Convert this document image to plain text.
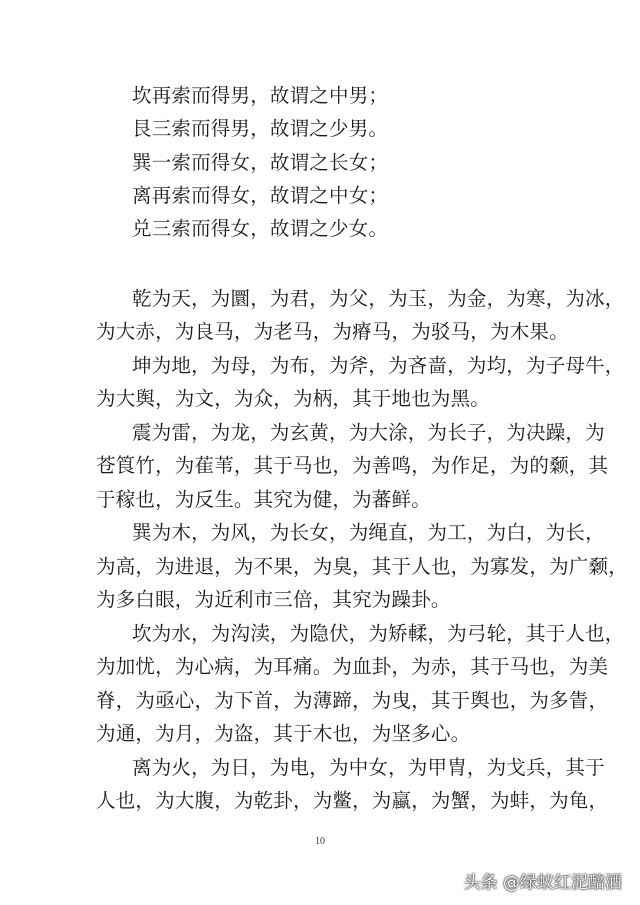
坎再索而得男，故谓之中男；
艮三索而得男，故谓之少男。
巽一索而得女，故谓之长女；
离再索而得女，故谓之中女；
兑三索而得女，故谓之少女。
乾为天，为圜，为君，为父，为玉，为金，为寒，为冰，
为大赤，为良马，为老马，为瘠马，为驳马，为木果。
坤为地，为母，为布，为斧，为吝啬，为均，为子母牛，
为大舆，为文，为众，为柄，其于地也为黑。
震为雷，为龙，为玄黄，为大涂，为长子，为决躁，为
苍筤竹，为萑苇，其于马也，为善鸣，为作足，为的颡，其
于稼也，为反生。其究为健，为蕃鲜。
巽为木，为风，为长女，为绳直，为工，为白，为长，
为高，为进退，为不果，为臭，其于人也，为寡发，为广颡，
为多白眼，为近利市三倍，其究为躁卦。
坎为水，为沟渎，为隐伏，为矫輮，为弓轮，其于人也，
为加忧，为心病，为耳痛。为血卦，为赤，其于马也，为美
脊，为亟心，为下首，为薄蹄，为曳，其于舆也，为多眚，
为通，为月，为盗，其于木也，为坚多心。
离为火，为日，为电，为中女，为甲胄，为戈兵，其于
人也，为大腹，为乾卦，为鳖，为蠃，为蟹，为蚌，为龟，
10
头条 @绿蚁红泥醅酒
